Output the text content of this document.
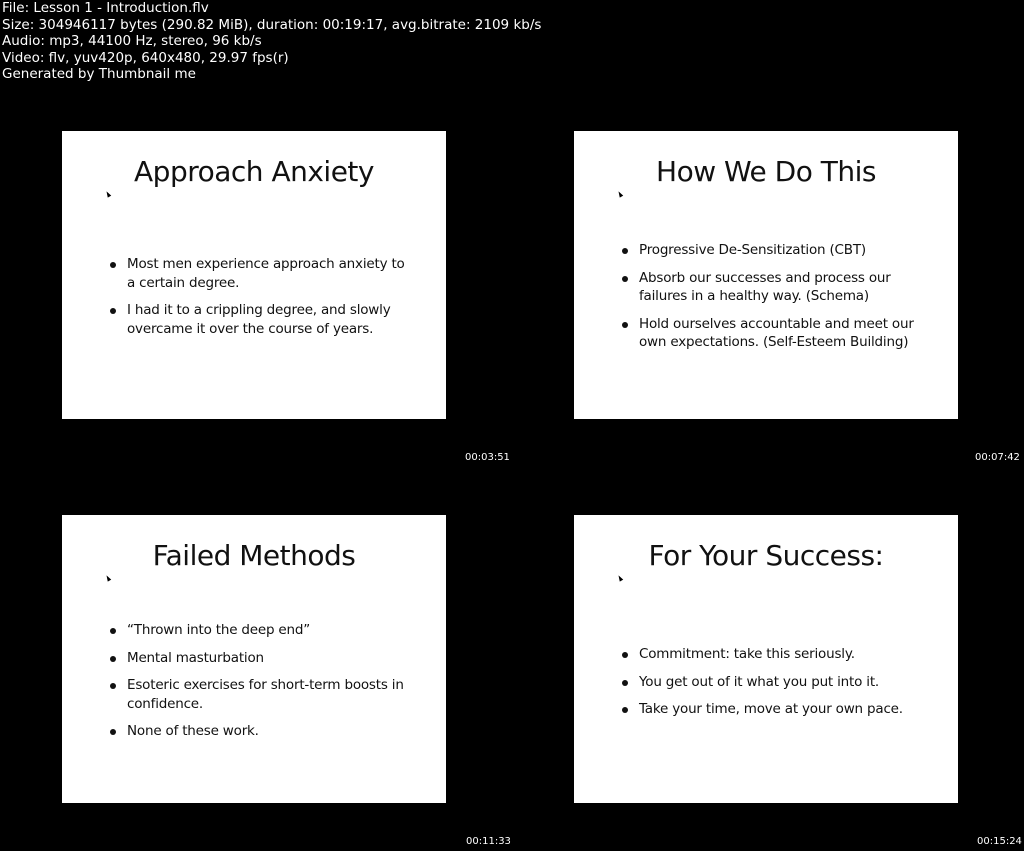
File: Lesson 1 - Introduction.flv
Size: 304946117 bytes (290.82 MiB), duration: 00:19:17, avg.bitrate: 2109 kb/s
Audio: mp3, 44100 Hz, stereo, 96 kb/s
Video: flv, yuv420p, 640x480, 29.97 fps(r)
Generated by Thumbnail me
Approach Anxiety
Most men experience approach anxiety to a certain degree.
I had it to a crippling degree, and slowly overcame it over the course of years.
00:03:51
How We Do This
Progressive De-Sensitization (CBT)
Absorb our successes and process our failures in a healthy way. (Schema)
Hold ourselves accountable and meet our own expectations. (Self-Esteem Building)
00:07:42
Failed Methods
“Thrown into the deep end”
Mental masturbation
Esoteric exercises for short-term boosts in confidence.
None of these work.
00:11:33
For Your Success:
Commitment: take this seriously.
You get out of it what you put into it.
Take your time, move at your own pace.
00:15:24
